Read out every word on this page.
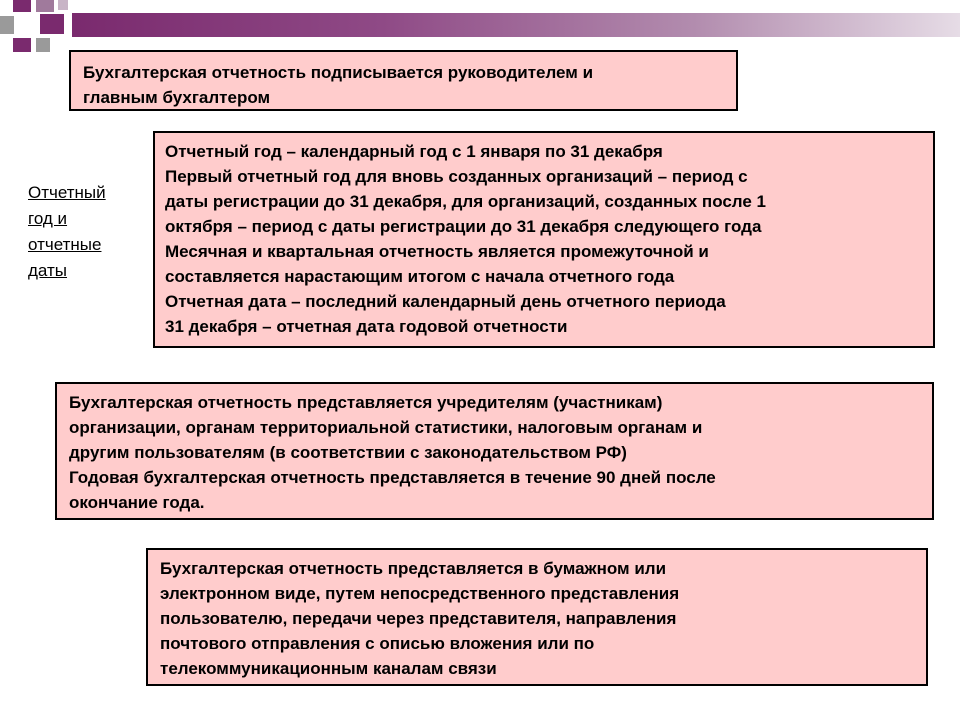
Бухгалтерская отчетность подписывается руководителем и
главным бухгалтером
Отчетный
год и
отчетные
даты
Отчетный год – календарный год с 1 января по 31 декабря
Первый отчетный год для вновь созданных организаций – период с
даты регистрации до 31 декабря, для организаций, созданных после 1
октября – период с даты регистрации до 31 декабря следующего года
Месячная и квартальная отчетность является промежуточной и
составляется нарастающим итогом с начала отчетного года
Отчетная дата – последний календарный день отчетного периода
31 декабря – отчетная дата годовой отчетности
Бухгалтерская отчетность представляется учредителям (участникам)
организации, органам территориальной статистики, налоговым органам и
другим пользователям (в соответствии с законодательством РФ)
Годовая бухгалтерская отчетность представляется в течение 90 дней после
окончание года.
Бухгалтерская отчетность представляется в бумажном или
электронном виде, путем непосредственного представления
пользователю, передачи через представителя, направления
почтового отправления с описью вложения или по
телекоммуникационным каналам связи
